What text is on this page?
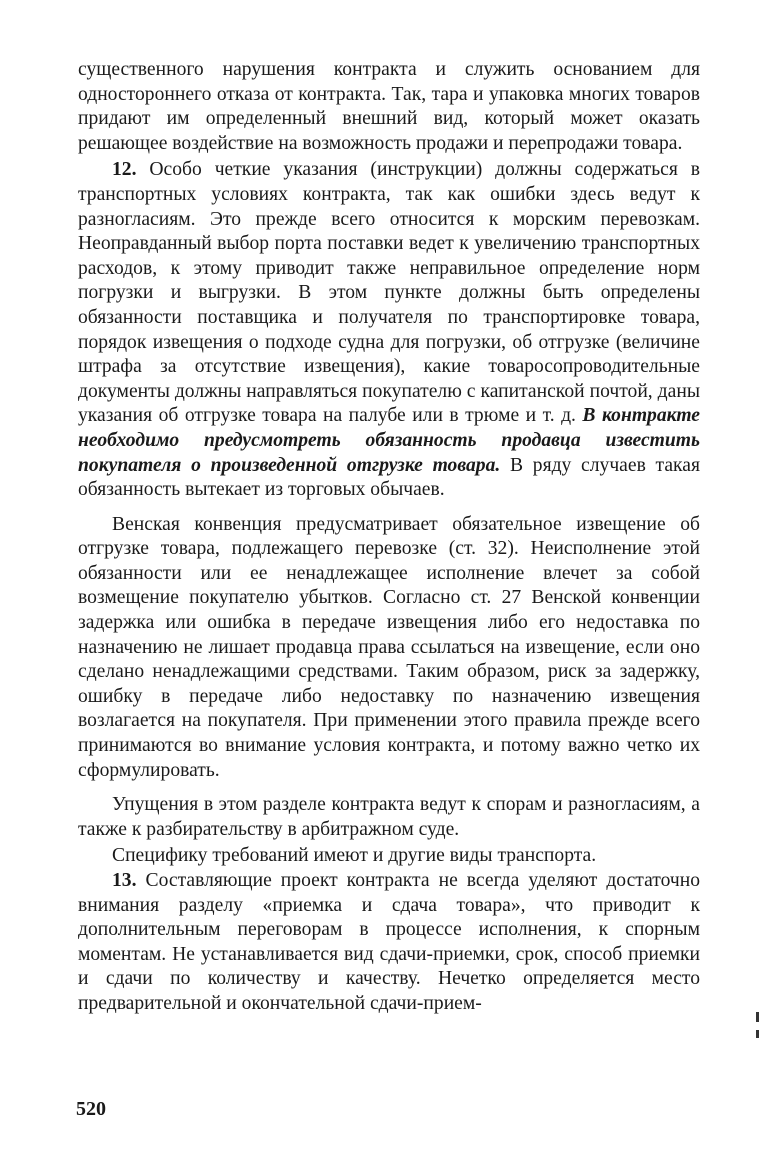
существенного нарушения контракта и служить основанием для одностороннего отказа от контракта. Так, тара и упаковка многих товаров придают им определенный внешний вид, который может оказать решающее воздействие на возможность продажи и перепродажи товара.

12. Особо четкие указания (инструкции) должны содержаться в транспортных условиях контракта, так как ошибки здесь ведут к разногласиям. Это прежде всего относится к морским перевозкам. Неоправданный выбор порта поставки ведет к увеличению транспортных расходов, к этому приводит также неправильное определение норм погрузки и выгрузки. В этом пункте должны быть определены обязанности поставщика и получателя по транспортировке товара, порядок извещения о подходе судна для погрузки, об отгрузке (величине штрафа за отсутствие извещения), какие товаросопроводительные документы должны направляться покупателю с капитанской почтой, даны указания об отгрузке товара на палубе или в трюме и т. д. В контракте необходимо предусмотреть обязанность продавца известить покупателя о произведенной отгрузке товара. В ряду случаев такая обязанность вытекает из торговых обычаев.

Венская конвенция предусматривает обязательное извещение об отгрузке товара, подлежащего перевозке (ст. 32). Неисполнение этой обязанности или ее ненадлежащее исполнение влечет за собой возмещение покупателю убытков. Согласно ст. 27 Венской конвенции задержка или ошибка в передаче извещения либо его недоставка по назначению не лишает продавца права ссылаться на извещение, если оно сделано ненадлежащими средствами. Таким образом, риск за задержку, ошибку в передаче либо недоставку по назначению извещения возлагается на покупателя. При применении этого правила прежде всего принимаются во внимание условия контракта, и потому важно четко их сформулировать.

Упущения в этом разделе контракта ведут к спорам и разногласиям, а также к разбирательству в арбитражном суде.

Специфику требований имеют и другие виды транспорта.

13. Составляющие проект контракта не всегда уделяют достаточно внимания разделу «приемка и сдача товара», что приводит к дополнительным переговорам в процессе исполнения, к спорным моментам. Не устанавливается вид сдачи-приемки, срок, способ приемки и сдачи по количеству и качеству. Нечетко определяется место предварительной и окончательной сдачи-прием-

520
